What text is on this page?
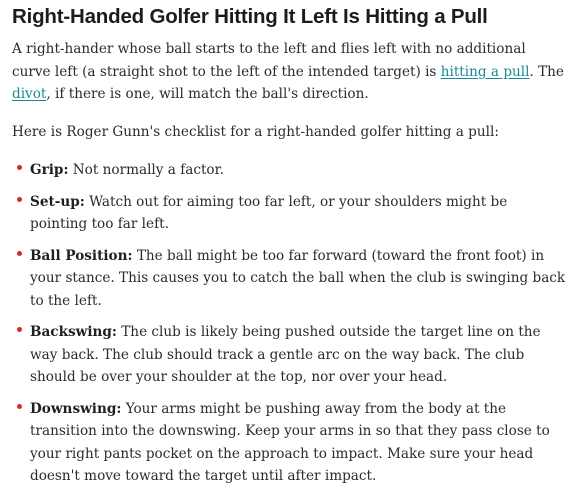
Right-Handed Golfer Hitting It Left Is Hitting a Pull

A right-hander whose ball starts to the left and flies left with no additional curve left (a straight shot to the left of the intended target) is hitting a pull. The divot, if there is one, will match the ball's direction.

Here is Roger Gunn's checklist for a right-handed golfer hitting a pull:

Grip: Not normally a factor.
Set-up: Watch out for aiming too far left, or your shoulders might be pointing too far left.
Ball Position: The ball might be too far forward (toward the front foot) in your stance. This causes you to catch the ball when the club is swinging back to the left.
Backswing: The club is likely being pushed outside the target line on the way back. The club should track a gentle arc on the way back. The club should be over your shoulder at the top, nor over your head.
Downswing: Your arms might be pushing away from the body at the transition into the downswing. Keep your arms in so that they pass close to your right pants pocket on the approach to impact. Make sure your head doesn't move toward the target until after impact.
